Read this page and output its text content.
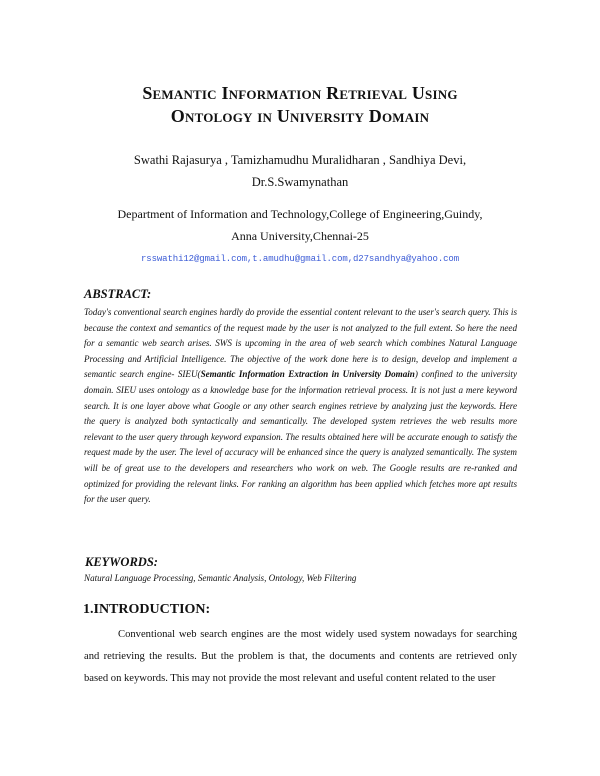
Semantic Information Retrieval Using
Ontology in University Domain
Swathi Rajasurya , Tamizhamudhu Muralidharan , Sandhiya Devi,
Dr.S.Swamynathan
Department of Information and Technology,College of Engineering,Guindy,
Anna University,Chennai-25
rsswathi12@gmail.com,t.amudhu@gmail.com,d27sandhya@yahoo.com
ABSTRACT:
Today's conventional search engines hardly do provide the essential content relevant to the user's search query. This is because the context and semantics of the request made by the user is not analyzed to the full extent. So here the need for a semantic web search arises. SWS is upcoming in the area of web search which combines Natural Language Processing and Artificial Intelligence. The objective of the work done here is to design, develop and implement a semantic search engine- SIEU(Semantic Information Extraction in University Domain) confined to the university domain. SIEU uses ontology as a knowledge base for the information retrieval process. It is not just a mere keyword search. It is one layer above what Google or any other search engines retrieve by analyzing just the keywords. Here the query is analyzed both syntactically and semantically. The developed system retrieves the web results more relevant to the user query through keyword expansion. The results obtained here will be accurate enough to satisfy the request made by the user. The level of accuracy will be enhanced since the query is analyzed semantically. The system will be of great use to the developers and researchers who work on web. The Google results are re-ranked and optimized for providing the relevant links. For ranking an algorithm has been applied which fetches more apt results for the user query.
KEYWORDS:
Natural Language Processing, Semantic Analysis, Ontology, Web Filtering
1.INTRODUCTION:
Conventional web search engines are the most widely used system nowadays for searching and retrieving the results. But the problem is that, the documents and contents are retrieved only based on keywords. This may not provide the most relevant and useful content related to the user
